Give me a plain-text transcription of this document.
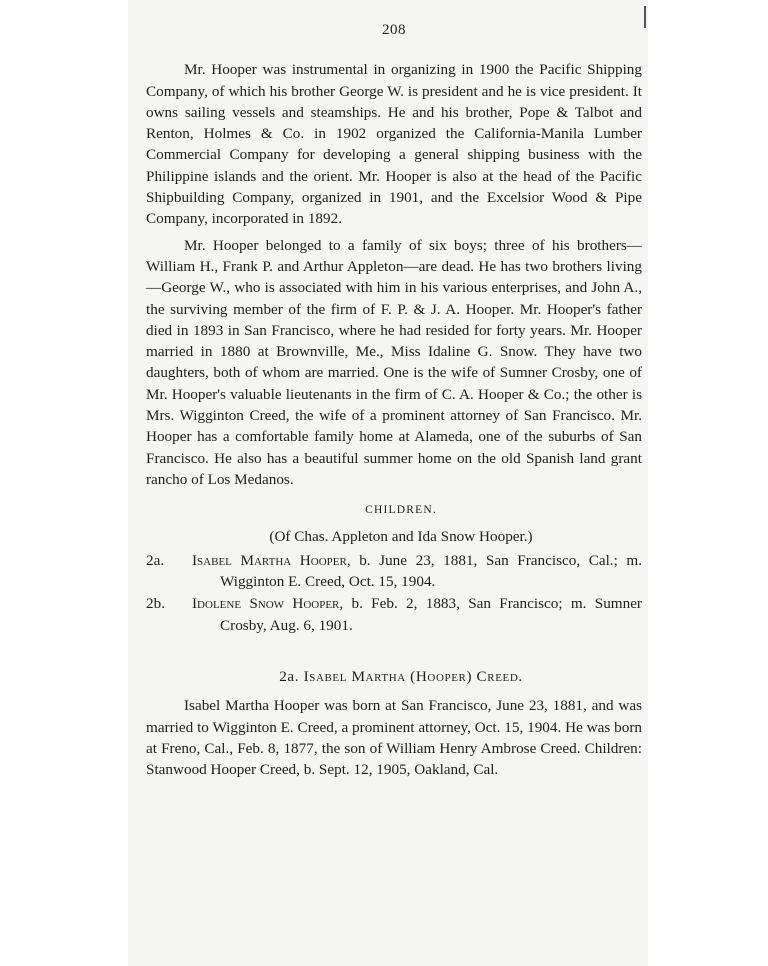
208

Mr. Hooper was instrumental in organizing in 1900 the Pacific Shipping Company, of which his brother George W. is president and he is vice president. It owns sailing vessels and steamships. He and his brother, Pope & Talbot and Renton, Holmes & Co. in 1902 organized the California-Manila Lumber Commercial Company for developing a general shipping business with the Philippine islands and the orient. Mr. Hooper is also at the head of the Pacific Shipbuilding Company, organized in 1901, and the Excelsior Wood & Pipe Company, incorporated in 1892.

Mr. Hooper belonged to a family of six boys; three of his brothers—William H., Frank P. and Arthur Appleton—are dead. He has two brothers living—George W., who is associated with him in his various enterprises, and John A., the surviving member of the firm of F. P. & J. A. Hooper. Mr. Hooper's father died in 1893 in San Francisco, where he had resided for forty years. Mr. Hooper married in 1880 at Brownville, Me., Miss Idaline G. Snow. They have two daughters, both of whom are married. One is the wife of Sumner Crosby, one of Mr. Hooper's valuable lieutenants in the firm of C. A. Hooper & Co.; the other is Mrs. Wigginton Creed, the wife of a prominent attorney of San Francisco. Mr. Hooper has a comfortable family home at Alameda, one of the suburbs of San Francisco. He also has a beautiful summer home on the old Spanish land grant rancho of Los Medanos.

CHILDREN.
(Of Chas. Appleton and Ida Snow Hooper.)
2a.	Isabel Martha Hooper, b. June 23, 1881, San Francisco, Cal.; m. Wigginton E. Creed, Oct. 15, 1904.
2b.	Idolene Snow Hooper, b. Feb. 2, 1883, San Francisco; m. Sumner Crosby, Aug. 6, 1901.
2a. Isabel Martha (Hooper) Creed.

Isabel Martha Hooper was born at San Francisco, June 23, 1881, and was married to Wigginton E. Creed, a prominent attorney, Oct. 15, 1904. He was born at Freno, Cal., Feb. 8, 1877, the son of William Henry Ambrose Creed. Children: Stanwood Hooper Creed, b. Sept. 12, 1905, Oakland, Cal.
